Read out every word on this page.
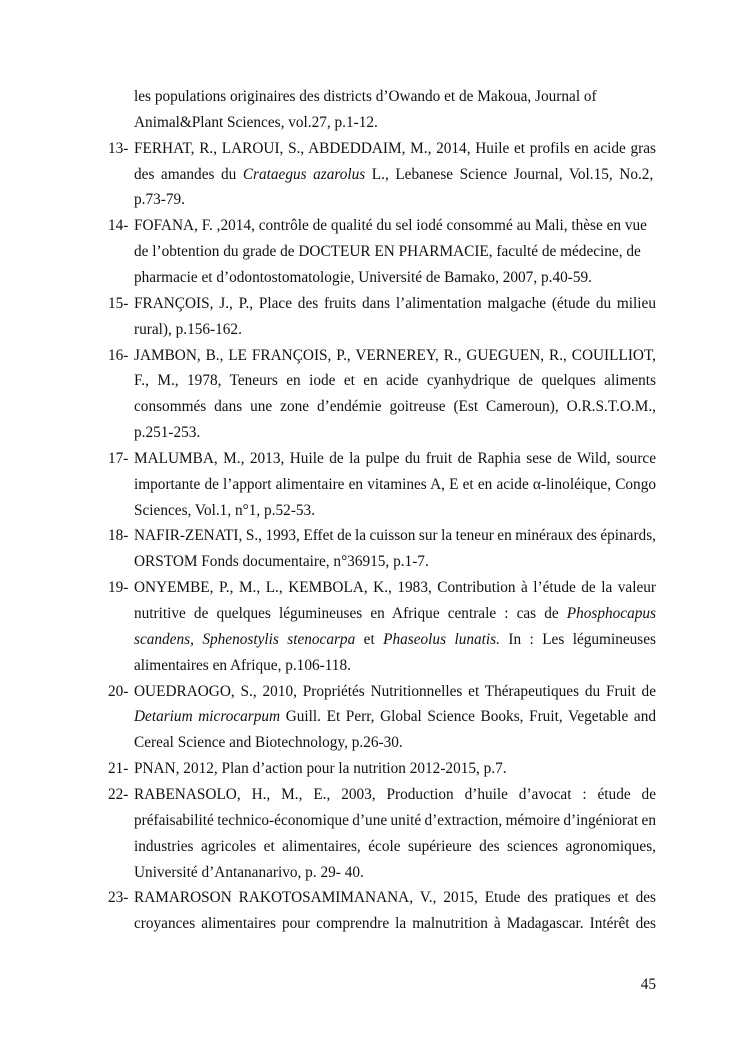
les populations originaires des districts d’Owando et de Makoua, Journal of
Animal&Plant Sciences, vol.27, p.1-12.
13- FERHAT, R., LAROUI, S., ABDEDDAIM, M., 2014, Huile et profils en acide gras
des amandes du Crataegus azarolus L., Lebanese Science Journal, Vol.15, No.2,
p.73-79.
14- FOFANA, F. ,2014, contrôle de qualité du sel iodé consommé au Mali, thèse en vue
de l’obtention du grade de DOCTEUR EN PHARMACIE, faculté de médecine, de
pharmacie et d’odontostomatologie, Université de Bamako, 2007, p.40-59.
15- FRANÇOIS, J., P., Place des fruits dans l’alimentation malgache (étude du milieu
rural), p.156-162.
16- JAMBON, B., LE FRANÇOIS, P., VERNEREY, R., GUEGUEN, R., COUILLIOT,
F., M., 1978, Teneurs en iode et en acide cyanhydrique de quelques aliments
consommés dans une zone d’endémie goitreuse (Est Cameroun), O.R.S.T.O.M.,
p.251-253.
17- MALUMBA, M., 2013, Huile de la pulpe du fruit de Raphia sese de Wild, source
importante de l’apport alimentaire en vitamines A, E et en acide α-linoléique, Congo
Sciences, Vol.1, n°1, p.52-53.
18- NAFIR-ZENATI, S., 1993, Effet de la cuisson sur la teneur en minéraux des épinards,
ORSTOM Fonds documentaire, n°36915, p.1-7.
19- ONYEMBE, P., M., L., KEMBOLA, K., 1983, Contribution à l’étude de la valeur
nutritive de quelques légumineuses en Afrique centrale : cas de Phosphocapus
scandens, Sphenostylis stenocarpa et Phaseolus lunatis. In : Les légumineuses
alimentaires en Afrique, p.106-118.
20- OUEDRAOGO, S., 2010, Propriétés Nutritionnelles et Thérapeutiques du Fruit de
Detarium microcarpum Guill. Et Perr, Global Science Books, Fruit, Vegetable and
Cereal Science and Biotechnology, p.26-30.
21- PNAN, 2012, Plan d’action pour la nutrition 2012-2015, p.7.
22- RABENASOLO, H., M., E., 2003, Production d’huile d’avocat : étude de
préfaisabilité technico-économique d’une unité d’extraction, mémoire d’ingéniorat en
industries agricoles et alimentaires, école supérieure des sciences agronomiques,
Université d’Antananarivo, p. 29- 40.
23- RAMAROSON RAKOTOSAMIMANANA, V., 2015, Etude des pratiques et des
croyances alimentaires pour comprendre la malnutrition à Madagascar. Intérêt des
45
